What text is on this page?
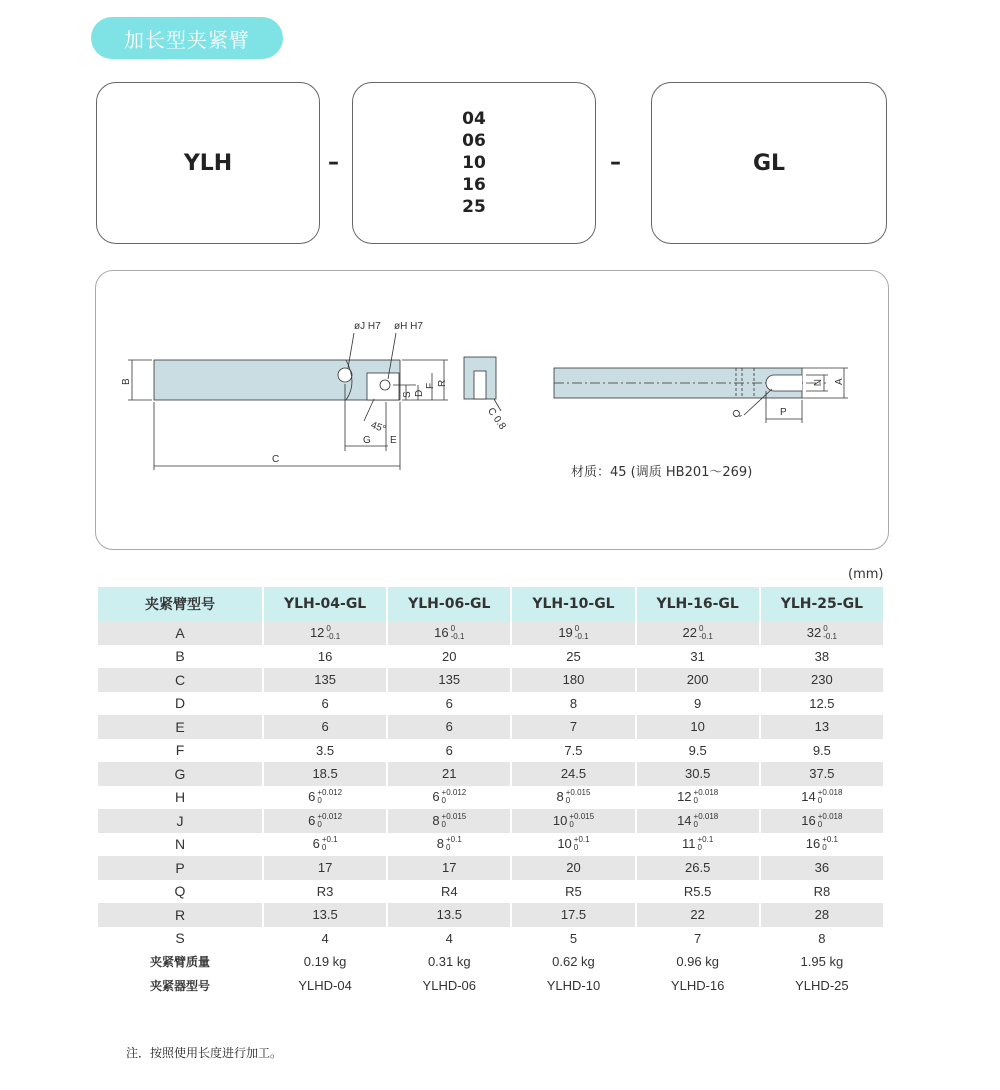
加长型夹紧臂
YLH	–
04
06
10
16
25
–	GL
øJ H7 øH H7
B	R
F
D
S
45°
G E
C
C 0.8
A
N
Q	P
材质：45 (调质 HB201～269)
(mm)
夹紧臂型号	YLH-04-GL	YLH-06-GL	YLH-10-GL	YLH-16-GL	YLH-25-GL
A	12 $^{0 -0.1}$	16 $^{0 -0.1}$	19 $^{0 -0.1}$	22 $^{0 -0.1}$	32 $^{0 -0.1}$

B	16	20	25	31	38
C	135	135	180	200	230
D	6	6	8	9	12.5
E	6	6	7	10	13
F	3.5	6	7.5	9.5	9.5
G	18.5	21	24.5	30.5	37.5
H	6 $^{+0.012 0}$	6 $^{+0.012 0}$	8 $^{+0.015 0}$	12 $^{+0.018 0}$	14 $^{+0.018 0}$

J	6 $^{+0.012 0}$	8 $^{+0.015 0}$	10 $^{+0.015 0}$	14 $^{+0.018 0}$	16 $^{+0.018 0}$

N	6 $^{+0.1 0}$	8 $^{+0.1 0}$	10 $^{+0.1 0}$	11 $^{+0.1 0}$	16 $^{+0.1 0}$

P	17	17	20	26.5	36
Q	R3	R4	R5	R5.5	R8
R	13.5	13.5	17.5	22	28
S	4	4	5	7	8
夹紧臂质量	0.19 kg	0.31 kg	0.62 kg	0.96 kg	1.95 kg
夹紧器型号	YLHD-04	YLHD-06	YLHD-10	YLHD-16	YLHD-25
注．按照使用长度进行加工。
